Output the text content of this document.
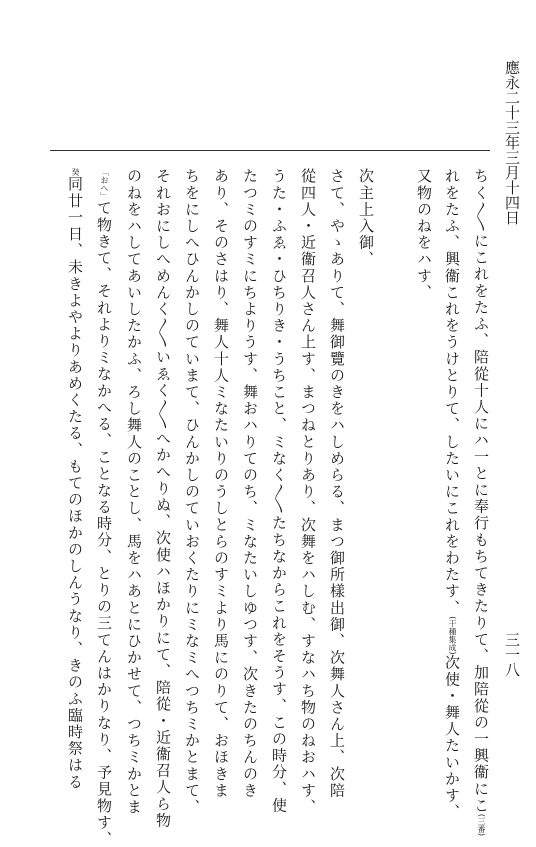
應永二十三年三月十四日
三一八
ちく〳〵にこれをたふ、陪從十人にハ一とに奉行もちてきたりて、加陪從の一興衞にこ(三番)
れをたふ、興衞これをうけとりて、したいにこれをわたす、(干種集成)次使・舞人たいかす、
又物のねをハす、
次主上入御、
さて、やゝありて、舞御覽のきをハしめらる、まつ御所樣出御、次舞人さん上、次陪
從四人・近衞召人さん上す、まつねとりあり、次舞をハしむ、すなハち物のねおハす、
うた・ふゑ・ひちりき・うちこと、ミなく〳〵たちなからこれをそうす、この時分、使
たつミのすミにちよりうす、舞おハりてのち、ミなたいしゆつす、次きたのちんのき
あり、そのさはり、舞人十人ミなたいりのうしとらのすミより馬にのりて、おほきま
ちをにしへひんかしのていまて、ひんかしのていおくたりにミなミへつちミかとまて、
それおにしへめんく〳〵いゑく〳〵へかへりぬ、次使ハほかりにて、陪從・近衞召人ら物
のねをハしてあいしたかふ、ろし舞人のことし、馬をハあとにひかせて、つちミかとま
「おへ」て物きて、それよりミなかへる、ことなる時分、とりの三てんはかりなり、予見物す、
癸同廿一日、未きよやよりあめくたる、もてのほかのしんうなり、きのふ臨時祭はる
